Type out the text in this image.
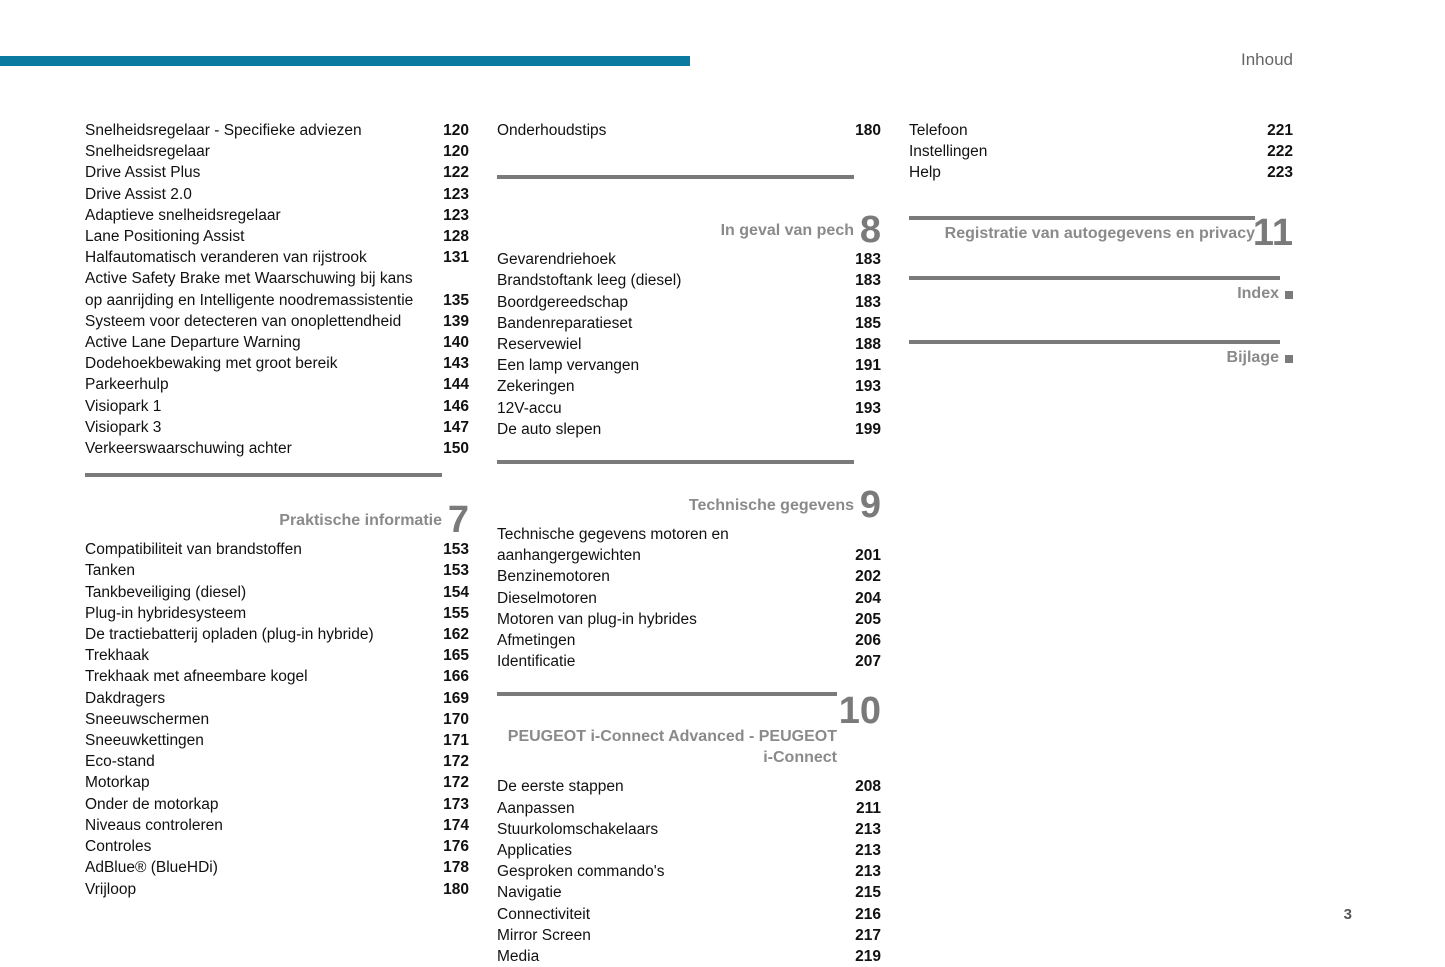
Inhoud
Snelheidsregelaar - Specifieke adviezen	120
Snelheidsregelaar	120
Drive Assist Plus	122
Drive Assist 2.0	123
Adaptieve snelheidsregelaar	123
Lane Positioning Assist	128
Halfautomatisch veranderen van rijstrook	131
Active Safety Brake met Waarschuwing bij kans op aanrijding en Intelligente noodremassistentie	135
Systeem voor detecteren van onoplettendheid	139
Active Lane Departure Warning	140
Dodehoekbewaking met groot bereik	143
Parkeerhulp	144
Visiopark 1	146
Visiopark 3	147
Verkeerswaarschuwing achter	150
Praktische informatie 7
Compatibiliteit van brandstoffen	153
Tanken	153
Tankbeveiliging (diesel)	154
Plug-in hybridesysteem	155
De tractiebatterij opladen (plug-in hybride)	162
Trekhaak	165
Trekhaak met afneembare kogel	166
Dakdragers	169
Sneeuwschermen	170
Sneeuwkettingen	171
Eco-stand	172
Motorkap	172
Onder de motorkap	173
Niveaus controleren	174
Controles	176
AdBlue® (BlueHDi)	178
Vrijloop	180
Onderhoudstips	180
In geval van pech 8
Gevarendriehoek	183
Brandstoftank leeg (diesel)	183
Boordgereedschap	183
Bandenreparatieset	185
Reservewiel	188
Een lamp vervangen	191
Zekeringen	193
12V-accu	193
De auto slepen	199
Technische gegevens 9
Technische gegevens motoren en aanhangergewichten	201
Benzinemotoren	202
Dieselmotoren	204
Motoren van plug-in hybrides	205
Afmetingen	206
Identificatie	207
PEUGEOT i-Connect Advanced - PEUGEOT i-Connect
10
De eerste stappen	208
Aanpassen	211
Stuurkolomschakelaars	213
Applicaties	213
Gesproken commando's	213
Navigatie	215
Connectiviteit	216
Mirror Screen	217
Media	219
Telefoon	221
Instellingen	222
Help	223
Registratie van autogegevens en privacy
11
Index
Bijlage
3
